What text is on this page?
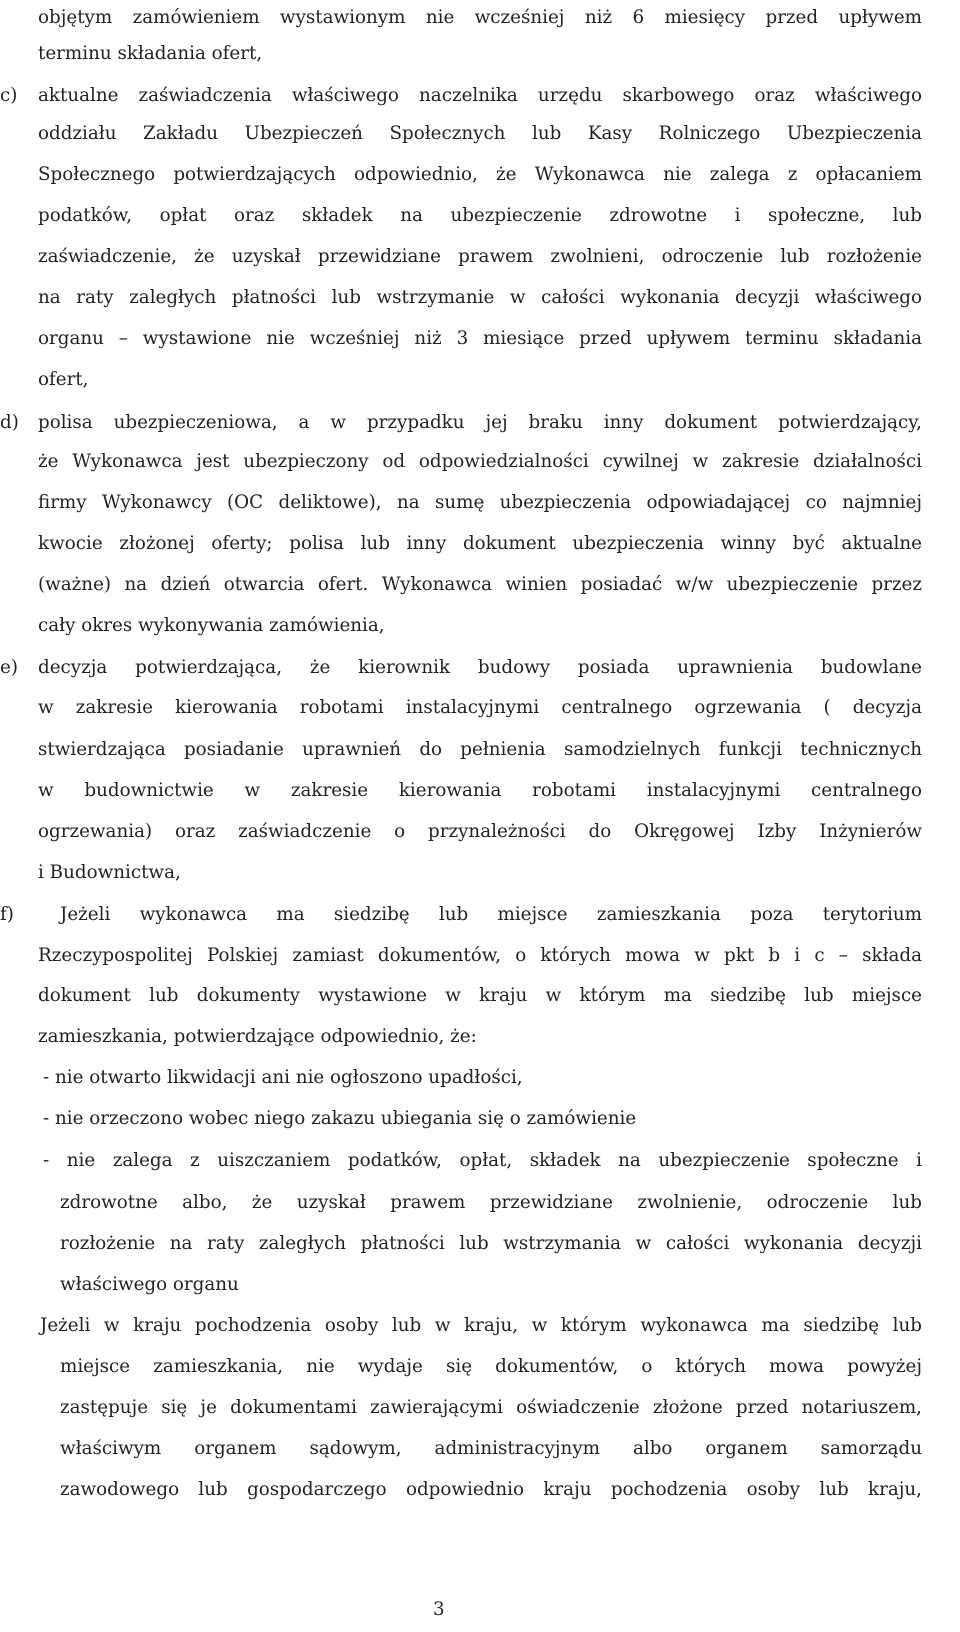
objętym zamówieniem wystawionym nie wcześniej niż 6 miesięcy przed upływem
terminu składania ofert,
c) aktualne zaświadczenia właściwego naczelnika urzędu skarbowego oraz właściwego
oddziału Zakładu Ubezpieczeń Społecznych lub Kasy Rolniczego Ubezpieczenia
Społecznego potwierdzających odpowiednio, że Wykonawca nie zalega z opłacaniem
podatków, opłat oraz składek na ubezpieczenie zdrowotne i społeczne, lub
zaświadczenie, że uzyskał przewidziane prawem zwolnieni, odroczenie lub rozłożenie
na raty zaległych płatności lub wstrzymanie w całości wykonania decyzji właściwego
organu – wystawione nie wcześniej niż 3 miesiące przed upływem terminu składania
ofert,
d) polisa ubezpieczeniowa, a w przypadku jej braku inny dokument potwierdzający,
że Wykonawca jest ubezpieczony od odpowiedzialności cywilnej w zakresie działalności
firmy Wykonawcy (OC deliktowe), na sumę ubezpieczenia odpowiadającej co najmniej
kwocie złożonej oferty; polisa lub inny dokument ubezpieczenia winny być aktualne
(ważne) na dzień otwarcia ofert. Wykonawca winien posiadać w/w ubezpieczenie przez
cały okres wykonywania zamówienia,
e) decyzja potwierdzająca, że kierownik budowy posiada uprawnienia budowlane
w zakresie kierowania robotami instalacyjnymi centralnego ogrzewania ( decyzja
stwierdzająca posiadanie uprawnień do pełnienia samodzielnych funkcji technicznych
w budownictwie w zakresie kierowania robotami instalacyjnymi centralnego
ogrzewania) oraz zaświadczenie o przynależności do Okręgowej Izby Inżynierów
i Budownictwa,
f)	Jeżeli wykonawca ma siedzibę lub miejsce zamieszkania poza terytorium
Rzeczypospolitej Polskiej zamiast dokumentów, o których mowa w pkt b i c – składa
dokument lub dokumenty wystawione w kraju w którym ma siedzibę lub miejsce
zamieszkania, potwierdzające odpowiednio, że:
- nie otwarto likwidacji ani nie ogłoszono upadłości,
- nie orzeczono wobec niego zakazu ubiegania się o zamówienie
- nie zalega z uiszczaniem podatków, opłat, składek na ubezpieczenie społeczne i
zdrowotne albo, że uzyskał prawem przewidziane zwolnienie, odroczenie lub
rozłożenie na raty zaległych płatności lub wstrzymania w całości wykonania decyzji
właściwego organu
Jeżeli w kraju pochodzenia osoby lub w kraju, w którym wykonawca ma siedzibę lub
miejsce zamieszkania, nie wydaje się dokumentów, o których mowa powyżej
zastępuje się je dokumentami zawierającymi oświadczenie złożone przed notariuszem,
właściwym organem sądowym, administracyjnym albo organem samorządu
zawodowego lub gospodarczego odpowiednio kraju pochodzenia osoby lub kraju,
3
